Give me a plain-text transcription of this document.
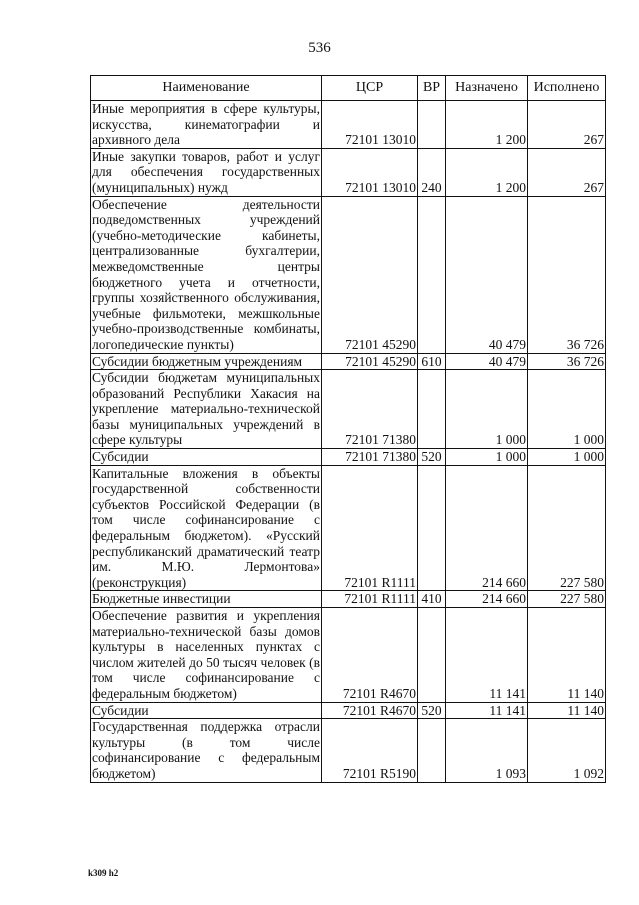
536
Наименование	ЦСР	ВР	Назначено	Исполнено
Иные мероприятия в сфере культуры, искусства, кинематографии и архивного дела	72101 13010		1 200	267
Иные закупки товаров, работ и услуг для обеспечения государственных (муниципальных) нужд	72101 13010	240	1 200	267
Обеспечение деятельности подведомственных учреждений (учебно-методические кабинеты, централизованные бухгалтерии, межведомственные центры бюджетного учета и отчетности, группы хозяйственного обслуживания, учебные фильмотеки, межшкольные учебно-производственные комбинаты, логопедические пункты)	72101 45290		40 479	36 726
Субсидии бюджетным учреждениям	72101 45290	610	40 479	36 726
Субсидии бюджетам муниципальных образований Республики Хакасия на укрепление материально-технической базы муниципальных учреждений в сфере культуры	72101 71380		1 000	1 000
Субсидии	72101 71380	520	1 000	1 000
Капитальные вложения в объекты государственной собственности субъектов Российской Федерации (в том числе софинансирование с федеральным бюджетом). «Русский республиканский драматический театр им. М.Ю. Лермонтова» (реконструкция)	72101 R1111		214 660	227 580
Бюджетные инвестиции	72101 R1111	410	214 660	227 580
Обеспечение развития и укрепления материально-технической базы домов культуры в населенных пунктах с числом жителей до 50 тысяч человек (в том числе софинансирование с федеральным бюджетом)	72101 R4670		11 141	11 140
Субсидии	72101 R4670	520	11 141	11 140
Государственная поддержка отрасли культуры (в том числе софинансирование с федеральным бюджетом)	72101 R5190		1 093	1 092
k309 h2
